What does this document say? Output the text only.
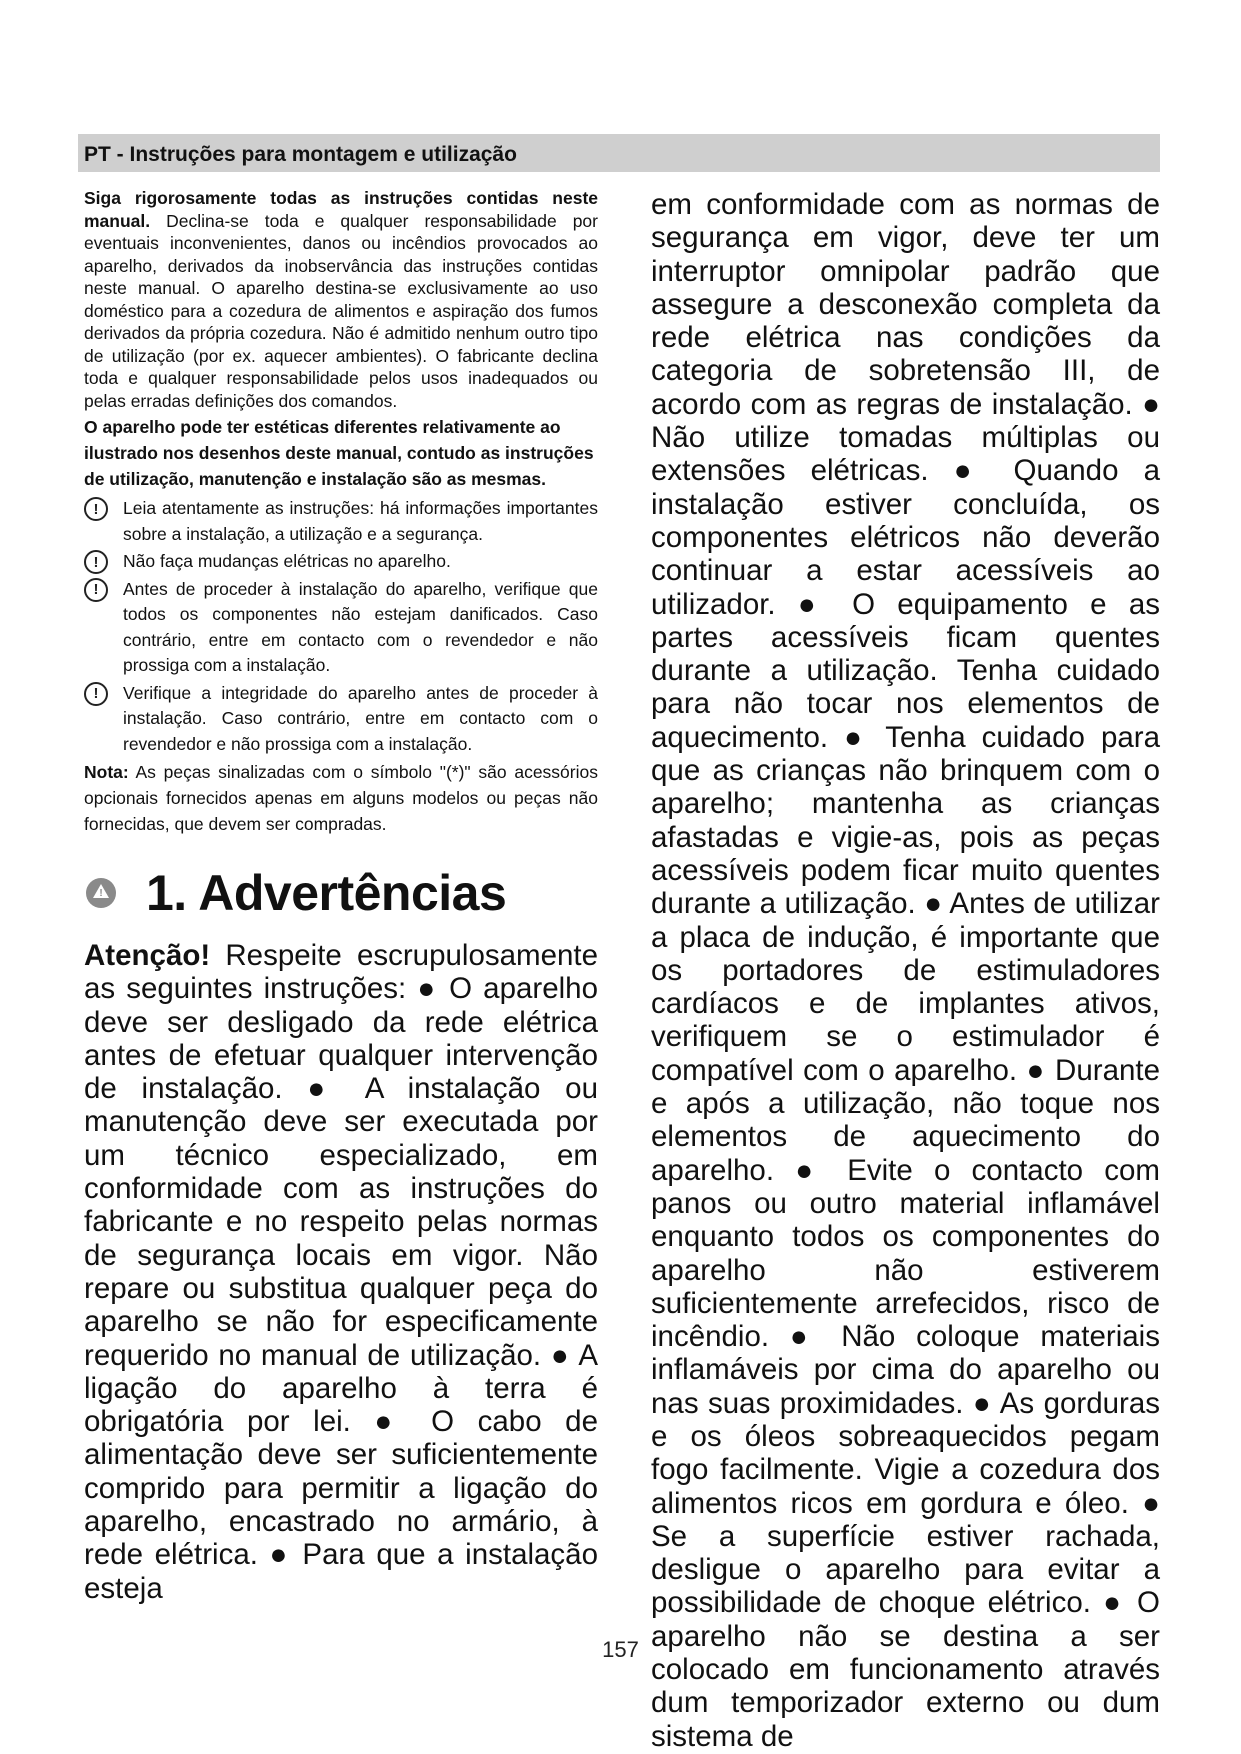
PT - Instruções para montagem e utilização

Siga rigorosamente todas as instruções contidas neste manual. Declina-se toda e qualquer responsabilidade por eventuais inconvenientes, danos ou incêndios provocados ao aparelho, derivados da inobservância das instruções contidas neste manual. O aparelho destina-se exclusivamente ao uso doméstico para a cozedura de alimentos e aspiração dos fumos derivados da própria cozedura. Não é admitido nenhum outro tipo de utilização (por ex. aquecer ambientes). O fabricante declina toda e qualquer responsabilidade pelos usos inadequados ou pelas erradas definições dos comandos.

O aparelho pode ter estéticas diferentes relativamente ao ilustrado nos desenhos deste manual, contudo as instruções de utilização, manutenção e instalação são as mesmas.

!	Leia atentamente as instruções: há informações importantes sobre a instalação, a utilização e a segurança.
!	Não faça mudanças elétricas no aparelho.
!	Antes de proceder à instalação do aparelho, verifique que todos os componentes não estejam danificados. Caso contrário, entre em contacto com o revendedor e não prossiga com a instalação.
!	Verifique a integridade do aparelho antes de proceder à instalação. Caso contrário, entre em contacto com o revendedor e não prossiga com a instalação.

Nota: As peças sinalizadas com o símbolo "(*)" são acessórios opcionais fornecidos apenas em alguns modelos ou peças não fornecidas, que devem ser compradas.

! 1. Advertências

Atenção! Respeite escrupulosamente as seguintes instruções: ● O aparelho deve ser desligado da rede elétrica antes de efetuar qualquer intervenção de instalação. ● A instalação ou manutenção deve ser executada por um técnico especializado, em conformidade com as instruções do fabricante e no respeito pelas normas de segurança locais em vigor. Não repare ou substitua qualquer peça do aparelho se não for especificamente requerido no manual de utilização. ● A ligação do aparelho à terra é obrigatória por lei. ● O cabo de alimentação deve ser suficientemente comprido para permitir a ligação do aparelho, encastrado no armário, à rede elétrica. ● Para que a instalação esteja

em conformidade com as normas de segurança em vigor, deve ter um interruptor omnipolar padrão que assegure a desconexão completa da rede elétrica nas condições da categoria de sobretensão III, de acordo com as regras de instalação. ● Não utilize tomadas múltiplas ou extensões elétricas. ● Quando a instalação estiver concluída, os componentes elétricos não deverão continuar a estar acessíveis ao utilizador. ● O equipamento e as partes acessíveis ficam quentes durante a utilização. Tenha cuidado para não tocar nos elementos de aquecimento. ● Tenha cuidado para que as crianças não brinquem com o aparelho; mantenha as crianças afastadas e vigie-as, pois as peças acessíveis podem ficar muito quentes durante a utilização. ● Antes de utilizar a placa de indução, é importante que os portadores de estimuladores cardíacos e de implantes ativos, verifiquem se o estimulador é compatível com o aparelho. ● Durante e após a utilização, não toque nos elementos de aquecimento do aparelho. ● Evite o contacto com panos ou outro material inflamável enquanto todos os componentes do aparelho não estiverem suficientemente arrefecidos, risco de incêndio. ● Não coloque materiais inflamáveis por cima do aparelho ou nas suas proximidades. ● As gorduras e os óleos sobreaquecidos pegam fogo facilmente. Vigie a cozedura dos alimentos ricos em gordura e óleo. ● Se a superfície estiver rachada, desligue o aparelho para evitar a possibilidade de choque elétrico. ● O aparelho não se destina a ser colocado em funcionamento através dum temporizador externo ou dum sistema de
157
